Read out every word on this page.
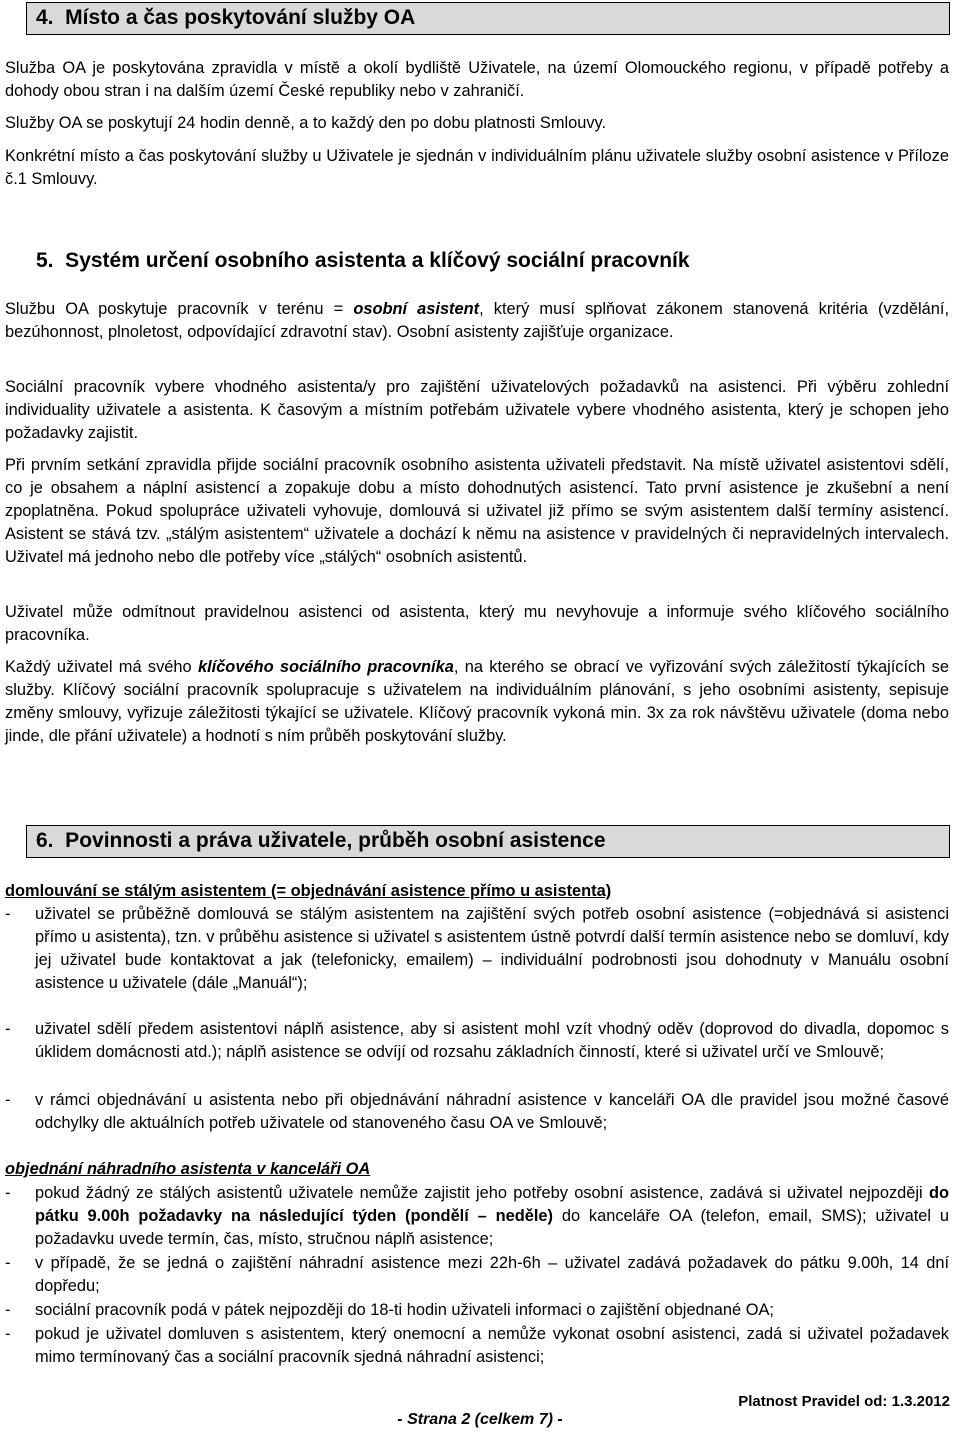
4.  Místo a čas poskytování služby OA
Služba OA je poskytována zpravidla v místě a okolí bydliště Uživatele, na území Olomouckého regionu, v případě potřeby a dohody obou stran i na dalším území České republiky nebo v zahraničí.
Služby OA se poskytují 24 hodin denně, a to každý den po dobu platnosti Smlouvy.
Konkrétní místo a čas poskytování služby u Uživatele je sjednán v individuálním plánu uživatele služby osobní asistence v Příloze č.1 Smlouvy.
5.  Systém určení osobního asistenta a klíčový sociální pracovník
Službu OA poskytuje pracovník v terénu = osobní asistent, který musí splňovat zákonem stanovená kritéria (vzdělání, bezúhonnost, plnoletost, odpovídající zdravotní stav). Osobní asistenty zajišťuje organizace.
Sociální pracovník vybere vhodného asistenta/y pro zajištění uživatelových požadavků na asistenci. Při výběru zohlední individuality uživatele a asistenta. K časovým a místním potřebám uživatele vybere vhodného asistenta, který je schopen jeho požadavky zajistit.
Při prvním setkání zpravidla přijde sociální pracovník osobního asistenta uživateli představit. Na místě uživatel asistentovi sdělí, co je obsahem a náplní asistencí a zopakuje dobu a místo dohodnutých asistencí. Tato první asistence je zkušební a není zpoplatněna. Pokud spolupráce uživateli vyhovuje, domlouvá si uživatel již přímo se svým asistentem další termíny asistencí. Asistent se stává tzv. „stálým asistentem“ uživatele a dochází k němu na asistence v pravidelných či nepravidelných intervalech. Uživatel má jednoho nebo dle potřeby více „stálých“ osobních asistentů.
Uživatel může odmítnout pravidelnou asistenci od asistenta, který mu nevyhovuje a informuje svého klíčového sociálního pracovníka.
Každý uživatel má svého klíčového sociálního pracovníka, na kterého se obrací ve vyřizování svých záležitostí týkajících se služby. Klíčový sociální pracovník spolupracuje s uživatelem na individuálním plánování, s jeho osobními asistenty, sepisuje změny smlouvy, vyřizuje záležitosti týkající se uživatele. Klíčový pracovník vykoná min. 3x za rok návštěvu uživatele (doma nebo jinde, dle přání uživatele) a hodnotí s ním průběh poskytování služby.
6.  Povinnosti a práva uživatele, průběh osobní asistence
domlouvání se stálým asistentem (= objednávání asistence přímo u asistenta)
- uživatel se průběžně domlouvá se stálým asistentem na zajištění svých potřeb osobní asistence (=objednává si asistenci přímo u asistenta), tzn. v průběhu asistence si uživatel s asistentem ústně potvrdí další termín asistence nebo se domluví, kdy jej uživatel bude kontaktovat a jak (telefonicky, emailem) – individuální podrobnosti jsou dohodnuty v Manuálu osobní asistence u uživatele (dále „Manuál“);
- uživatel sdělí předem asistentovi náplň asistence, aby si asistent mohl vzít vhodný oděv (doprovod do divadla, dopomoc s úklidem domácnosti atd.); náplň asistence se odvíjí od rozsahu základních činností, které si uživatel určí ve Smlouvě;
- v rámci objednávání u asistenta nebo při objednávání náhradní asistence v kanceláři OA dle pravidel jsou možné časové odchylky dle aktuálních potřeb uživatele od stanoveného času OA ve Smlouvě;
objednání náhradního asistenta v kanceláři OA
- pokud žádný ze stálých asistentů uživatele nemůže zajistit jeho potřeby osobní asistence, zadává si uživatel nejpozději do pátku 9.00h požadavky na následující týden (pondělí – neděle) do kanceláře OA (telefon, email, SMS); uživatel u požadavku uvede termín, čas, místo, stručnou náplň asistence;
- v případě, že se jedná o zajištění náhradní asistence mezi 22h-6h – uživatel zadává požadavek do pátku 9.00h, 14 dní dopředu;
- sociální pracovník podá v pátek nejpozději do 18-ti hodin uživateli informaci o zajištění objednané OA;
- pokud je uživatel domluven s asistentem, který onemocní a nemůže vykonat osobní asistenci, zadá si uživatel požadavek mimo termínovaný čas a sociální pracovník sjedná náhradní asistenci;
Platnost Pravidel od: 1.3.2012
- Strana 2 (celkem 7) -
